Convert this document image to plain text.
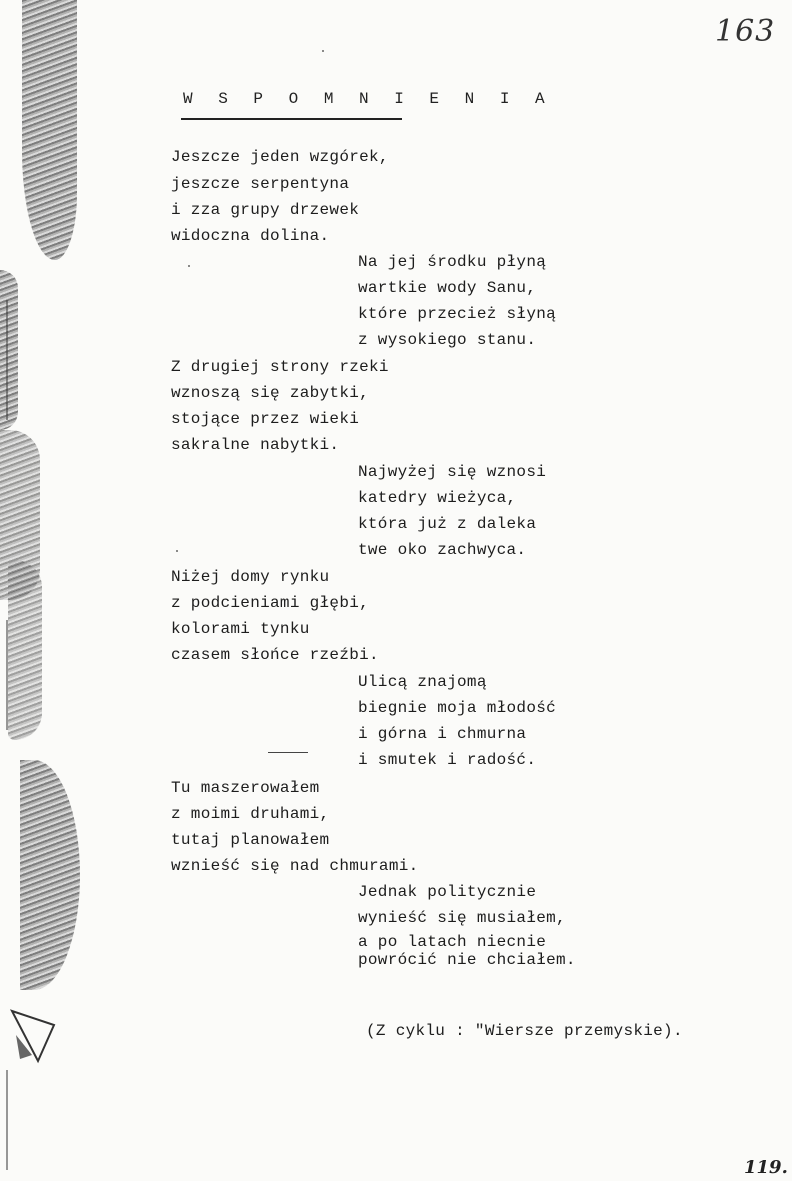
163
W S P O M N I E N I A
Jeszcze jeden wzgórek,
jeszcze serpentyna
i zza grupy drzewek
widoczna dolina.
Na jej środku płyną
wartkie wody Sanu,
które przecież słyną
z wysokiego stanu.
Z drugiej strony rzeki
wznoszą się zabytki,
stojące przez wieki
sakralne nabytki.
Najwyżej się wznosi
katedry wieżyca,
która już z daleka
twe oko zachwyca.
Niżej domy rynku
z podcieniami głębi,
kolorami tynku
czasem słońce rzeźbi.
Ulicą znajomą
biegnie moja młodość
i górna i chmurna
i smutek i radość.
Tu maszerowałem
z moimi druhami,
tutaj planowałem
wznieść się nad chmurami.
Jednak politycznie
wynieść się musiałem,
a po latach niecnie
powrócić nie chciałem.
(Z cyklu : "Wiersze przemyskie).
119.
